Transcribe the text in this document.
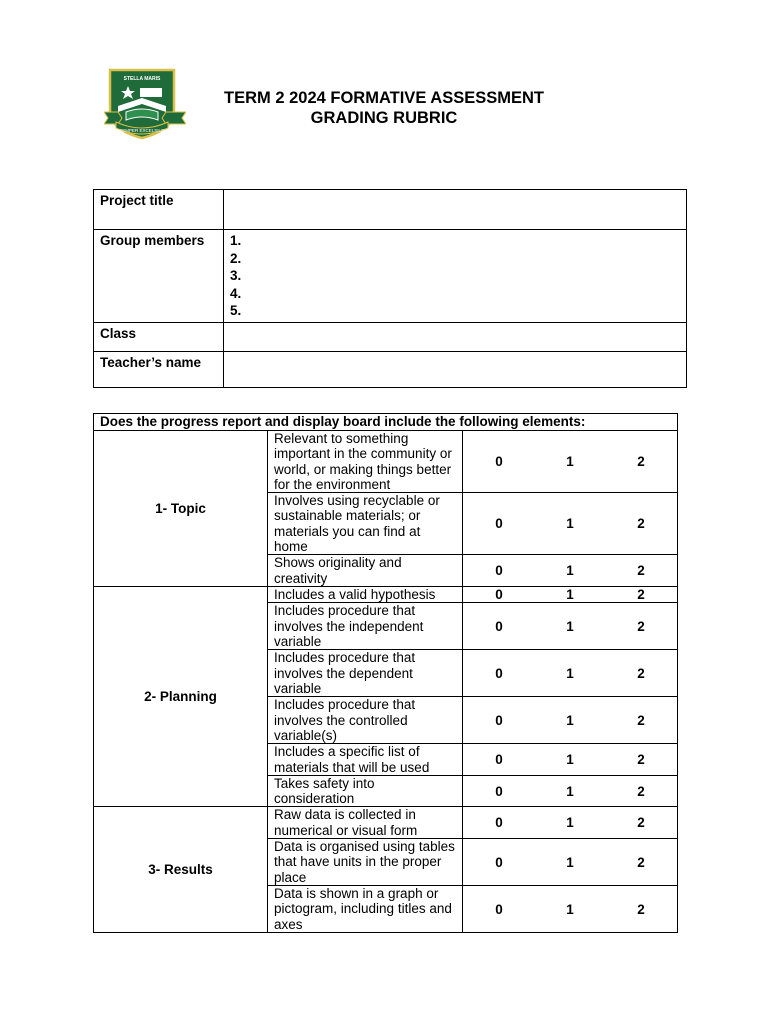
STELLA MARIS
SEMPER EXCELSIUS
TERM 2 2024 FORMATIVE ASSESSMENT
GRADING RUBRIC
Project title	
Group members	1.
2.
3.
4.
5.

Class	
Teacher’s name	
Does the progress report and display board include the following elements:		
1- Topic	Relevant to something important in the community or world, or making things better for the environment	0 1 2

	Involves using recyclable or sustainable materials; or materials you can find at home	0 1 2

	Shows originality and creativity	0 1 2

2- Planning	Includes a valid hypothesis	0 1 2

	Includes procedure that involves the independent variable	0 1 2

	Includes procedure that involves the dependent variable	0 1 2

	Includes procedure that involves the controlled variable(s)	0 1 2

	Includes a specific list of materials that will be used	0 1 2

	Takes safety into consideration	0 1 2

3- Results	Raw data is collected in numerical or visual form	0 1 2

	Data is organised using tables that have units in the proper place	0 1 2

	Data is shown in a graph or pictogram, including titles and axes	0 1 2
